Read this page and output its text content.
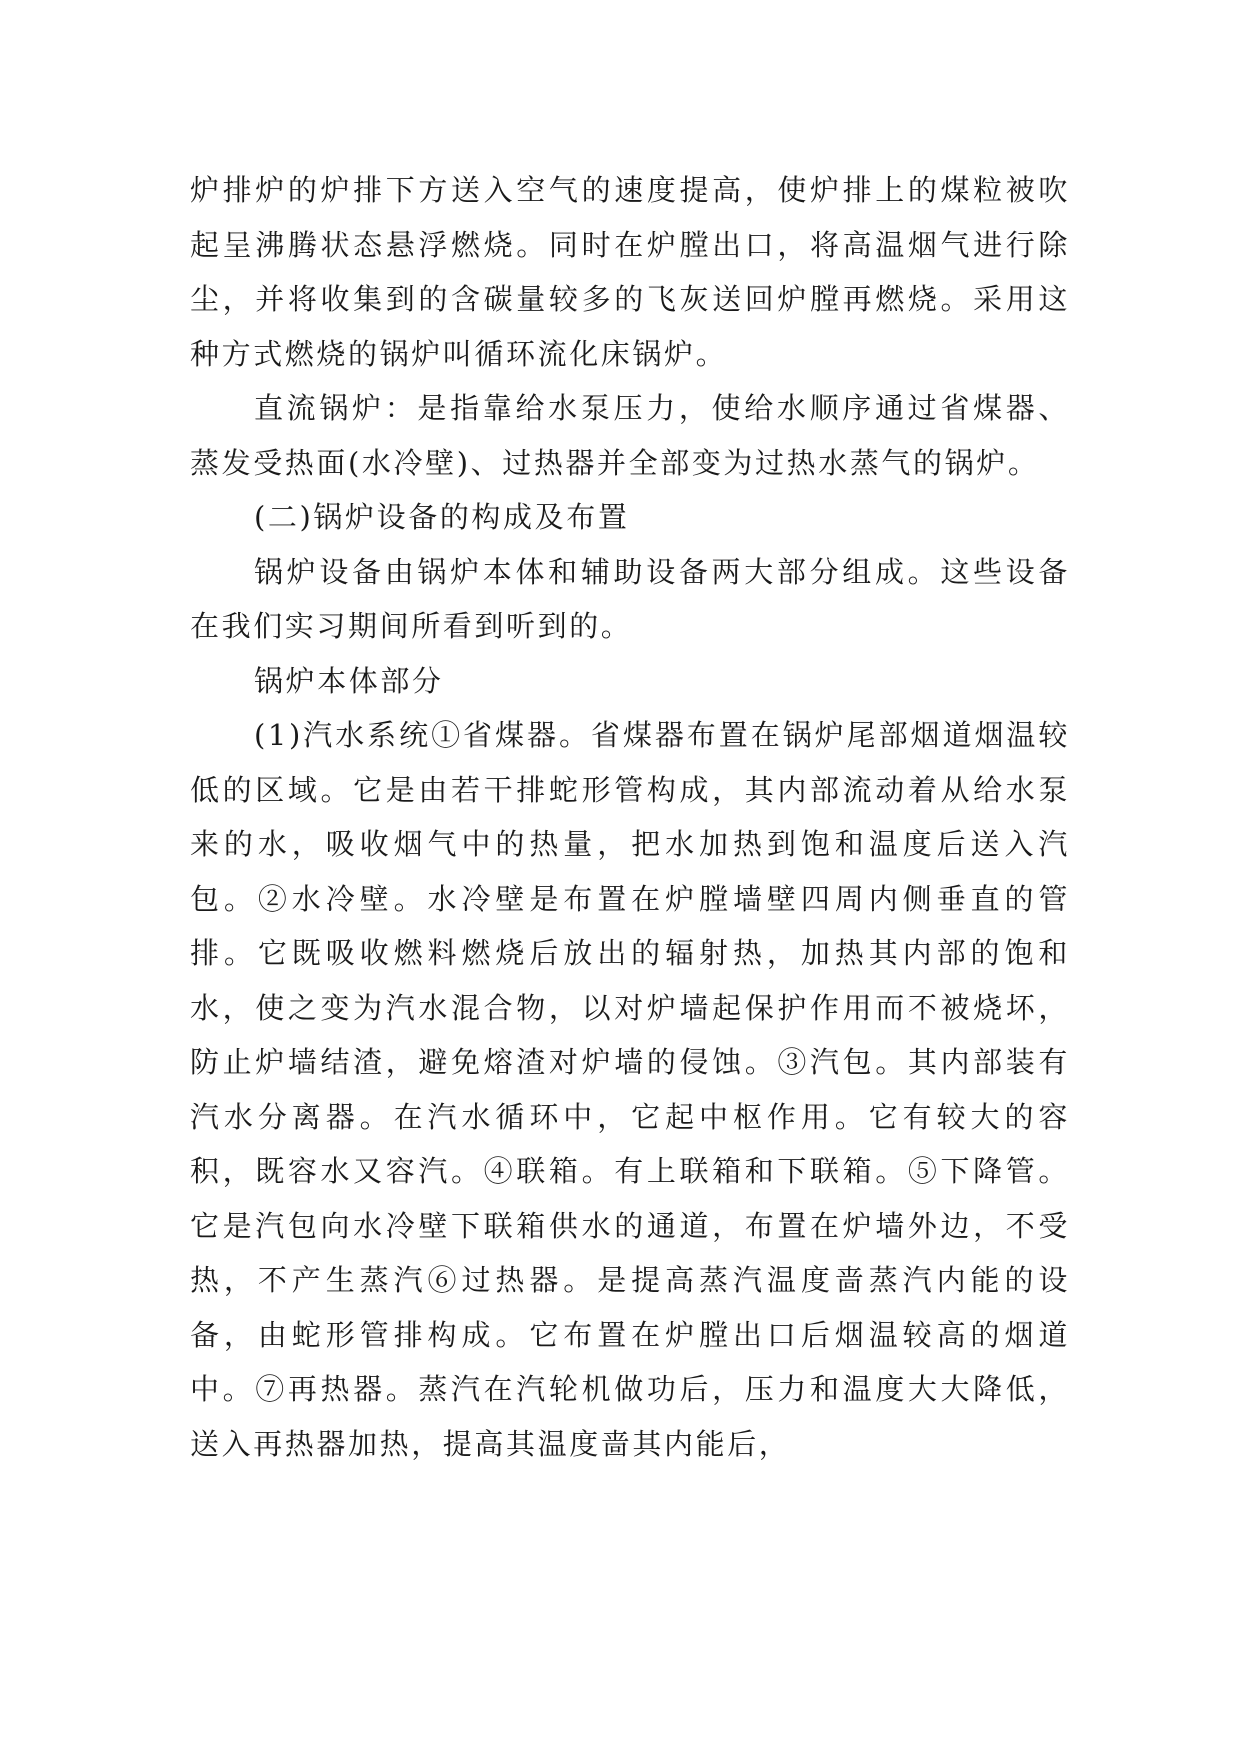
炉排炉的炉排下方送入空气的速度提高，使炉排上的煤粒被吹起呈沸腾状态悬浮燃烧。同时在炉膛出口，将高温烟气进行除尘，并将收集到的含碳量较多的飞灰送回炉膛再燃烧。采用这种方式燃烧的锅炉叫循环流化床锅炉。

直流锅炉：是指靠给水泵压力，使给水顺序通过省煤器、蒸发受热面(水冷壁)、过热器并全部变为过热水蒸气的锅炉。

(二)锅炉设备的构成及布置

锅炉设备由锅炉本体和辅助设备两大部分组成。这些设备在我们实习期间所看到听到的。

锅炉本体部分

(1)汽水系统①省煤器。省煤器布置在锅炉尾部烟道烟温较低的区域。它是由若干排蛇形管构成，其内部流动着从给水泵来的水，吸收烟气中的热量，把水加热到饱和温度后送入汽包。②水冷壁。水冷壁是布置在炉膛墙壁四周内侧垂直的管排。它既吸收燃料燃烧后放出的辐射热，加热其内部的饱和水，使之变为汽水混合物，以对炉墙起保护作用而不被烧坏，防止炉墙结渣，避免熔渣对炉墙的侵蚀。③汽包。其内部装有汽水分离器。在汽水循环中，它起中枢作用。它有较大的容积，既容水又容汽。④联箱。有上联箱和下联箱。⑤下降管。它是汽包向水冷壁下联箱供水的通道，布置在炉墙外边，不受热，不产生蒸汽⑥过热器。是提高蒸汽温度啬蒸汽内能的设备，由蛇形管排构成。它布置在炉膛出口后烟温较高的烟道中。⑦再热器。蒸汽在汽轮机做功后，压力和温度大大降低，送入再热器加热，提高其温度啬其内能后，
